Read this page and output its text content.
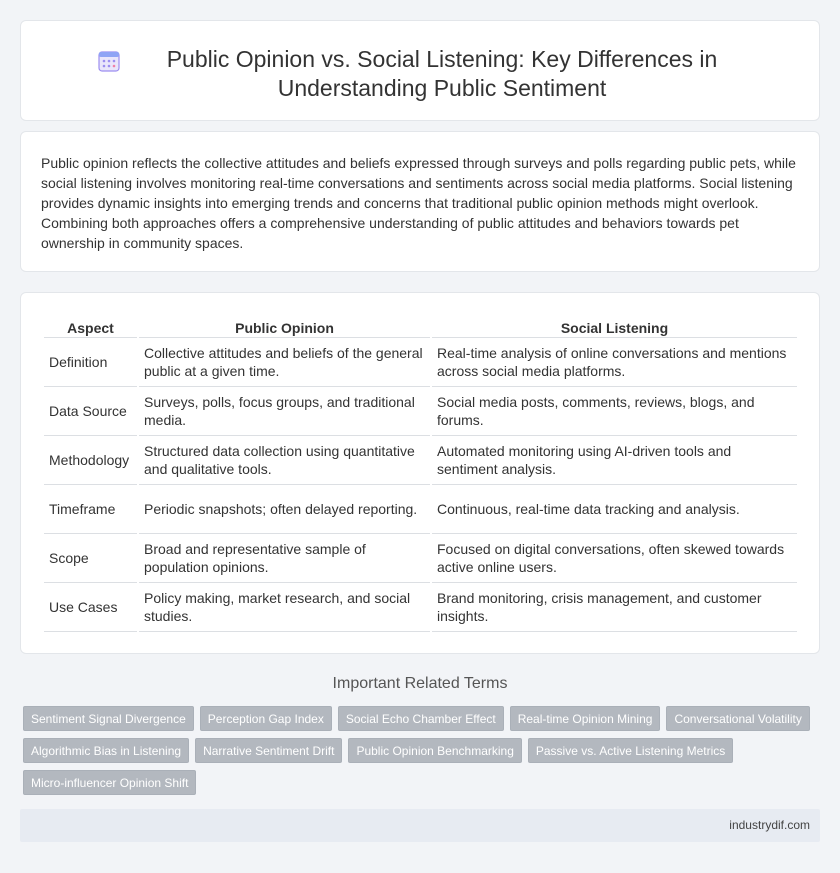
Public Opinion vs. Social Listening: Key Differences in Understanding Public Sentiment

Public opinion reflects the collective attitudes and beliefs expressed through surveys and polls regarding public pets, while social listening involves monitoring real-time conversations and sentiments across social media platforms. Social listening provides dynamic insights into emerging trends and concerns that traditional public opinion methods might overlook. Combining both approaches offers a comprehensive understanding of public attitudes and behaviors towards pet ownership in community spaces.

Aspect	Public Opinion	Social Listening
Definition	Collective attitudes and beliefs of the general public at a given time.	Real-time analysis of online conversations and mentions across social media platforms.
Data Source	Surveys, polls, focus groups, and traditional media.	Social media posts, comments, reviews, blogs, and forums.
Methodology	Structured data collection using quantitative and qualitative tools.	Automated monitoring using AI-driven tools and sentiment analysis.
Timeframe	Periodic snapshots; often delayed reporting.	Continuous, real-time data tracking and analysis.
Scope	Broad and representative sample of population opinions.	Focused on digital conversations, often skewed towards active online users.
Use Cases	Policy making, market research, and social studies.	Brand monitoring, crisis management, and customer insights.
Important Related Terms
Sentiment Signal Divergence	Perception Gap Index	Social Echo Chamber Effect	Real-time Opinion Mining	Conversational Volatility
Algorithmic Bias in Listening	Narrative Sentiment Drift	Public Opinion Benchmarking	Passive vs. Active Listening Metrics
Micro-influencer Opinion Shift
industrydif.com
